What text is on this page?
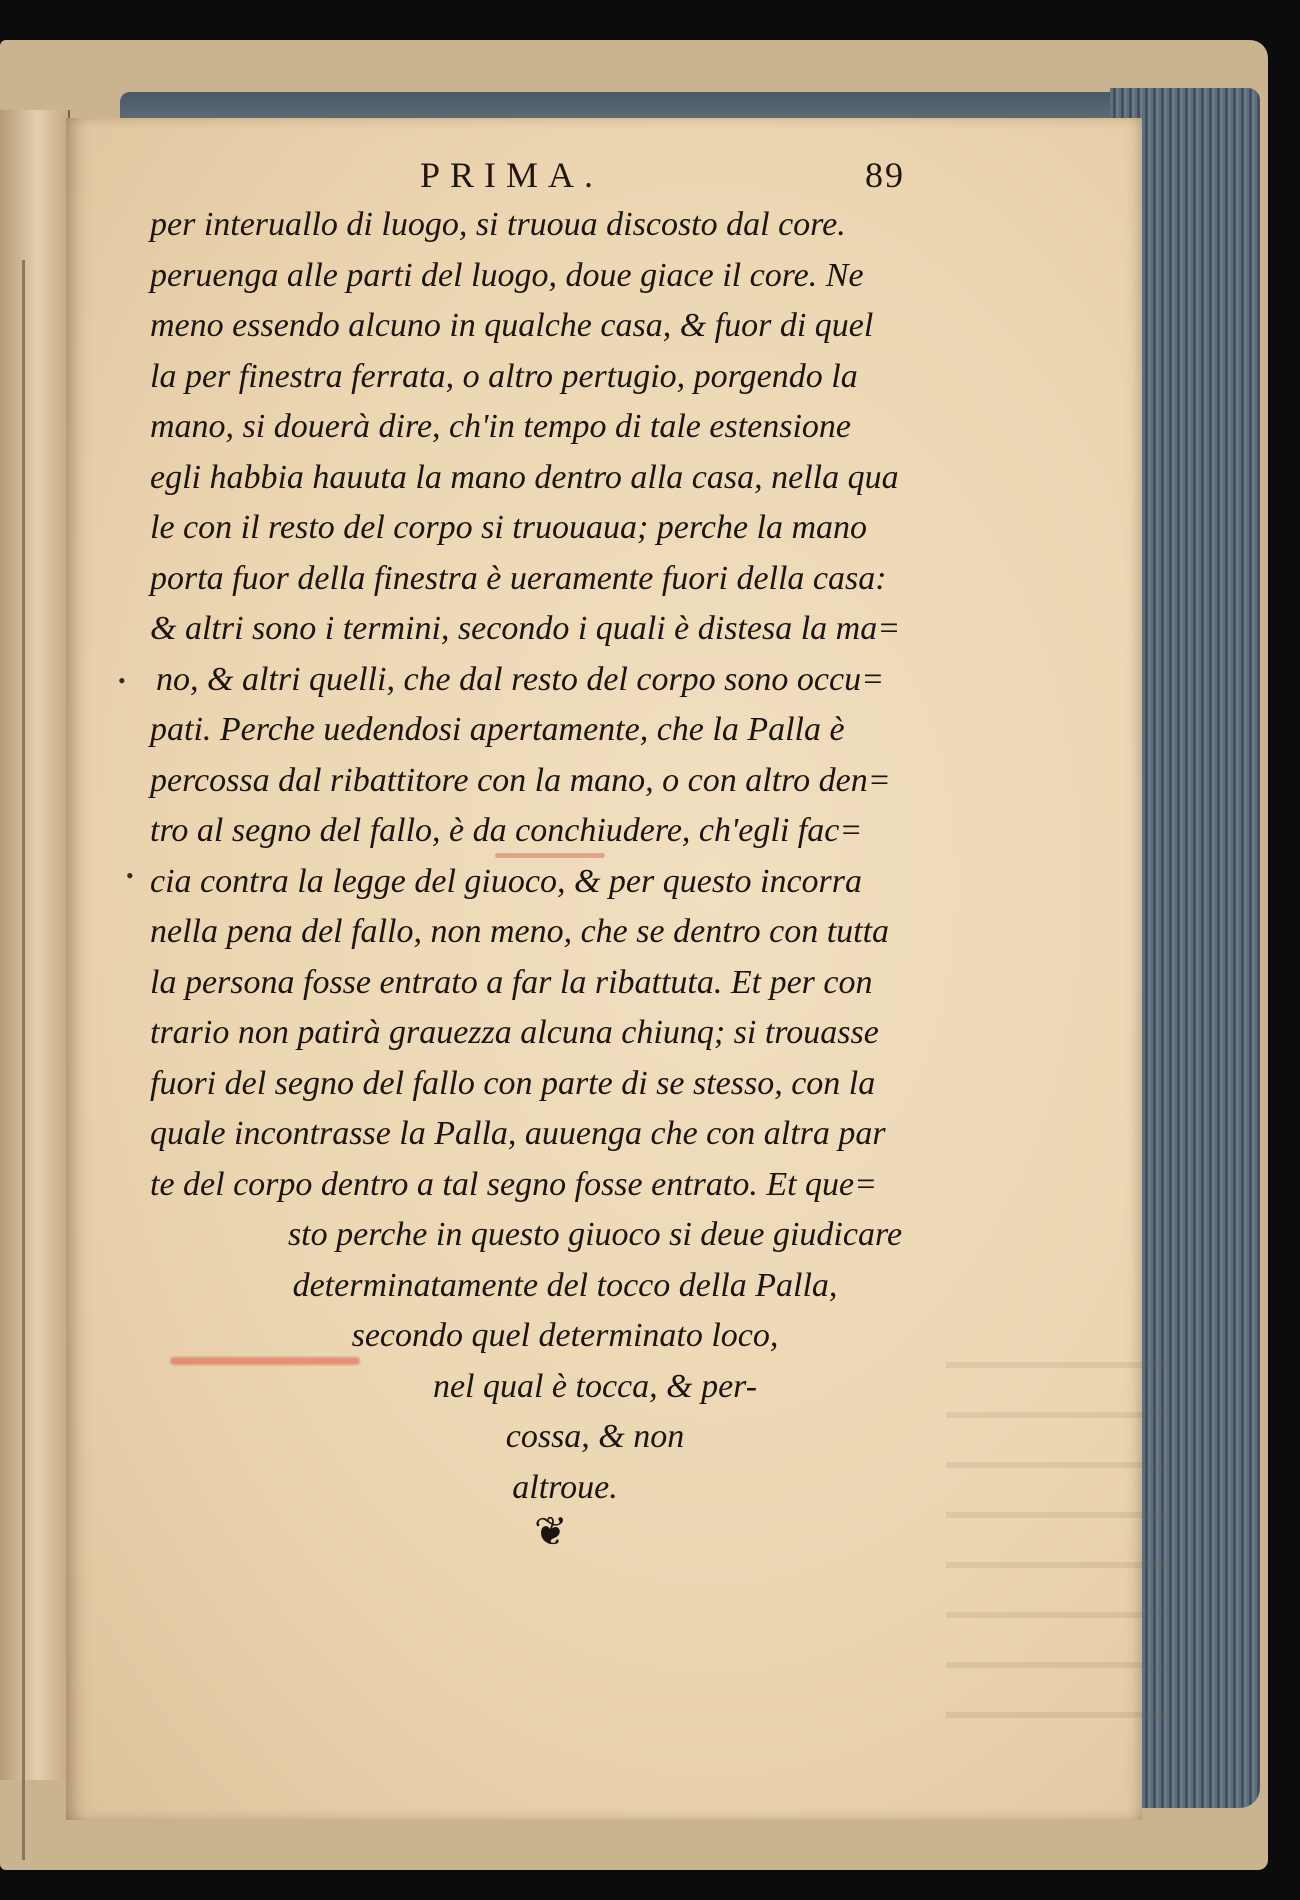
PRIMA.	89
•
•
per interuallo di luogo, si truoua discosto dal core.
peruenga alle parti del luogo, doue giace il core. Ne
meno essendo alcuno in qualche casa, & fuor di quel
la per finestra ferrata, o altro pertugio, porgendo la
mano, si douerà dire, ch'in tempo di tale estensione
egli habbia hauuta la mano dentro alla casa, nella qua
le con il resto del corpo si truouaua; perche la mano
porta fuor della finestra è ueramente fuori della casa:
& altri sono i termini, secondo i quali è distesa la ma=
no, & altri quelli, che dal resto del corpo sono occu=
pati. Perche uedendosi apertamente, che la Palla è
percossa dal ribattitore con la mano, o con altro den=
tro al segno del fallo, è da conchiudere, ch'egli fac=
cia contra la legge del giuoco, & per questo incorra
nella pena del fallo, non meno, che se dentro con tutta
la persona fosse entrato a far la ribattuta. Et per con
trario non patirà grauezza alcuna chiunq; si trouasse
fuori del segno del fallo con parte di se stesso, con la
quale incontrasse la Palla, auuenga che con altra par
te del corpo dentro a tal segno fosse entrato. Et que=
sto perche in questo giuoco si deue giudicare
determinatamente del tocco della Palla,
secondo quel determinato loco,
nel qual è tocca, & per-
cossa, & non
altroue.
❦
